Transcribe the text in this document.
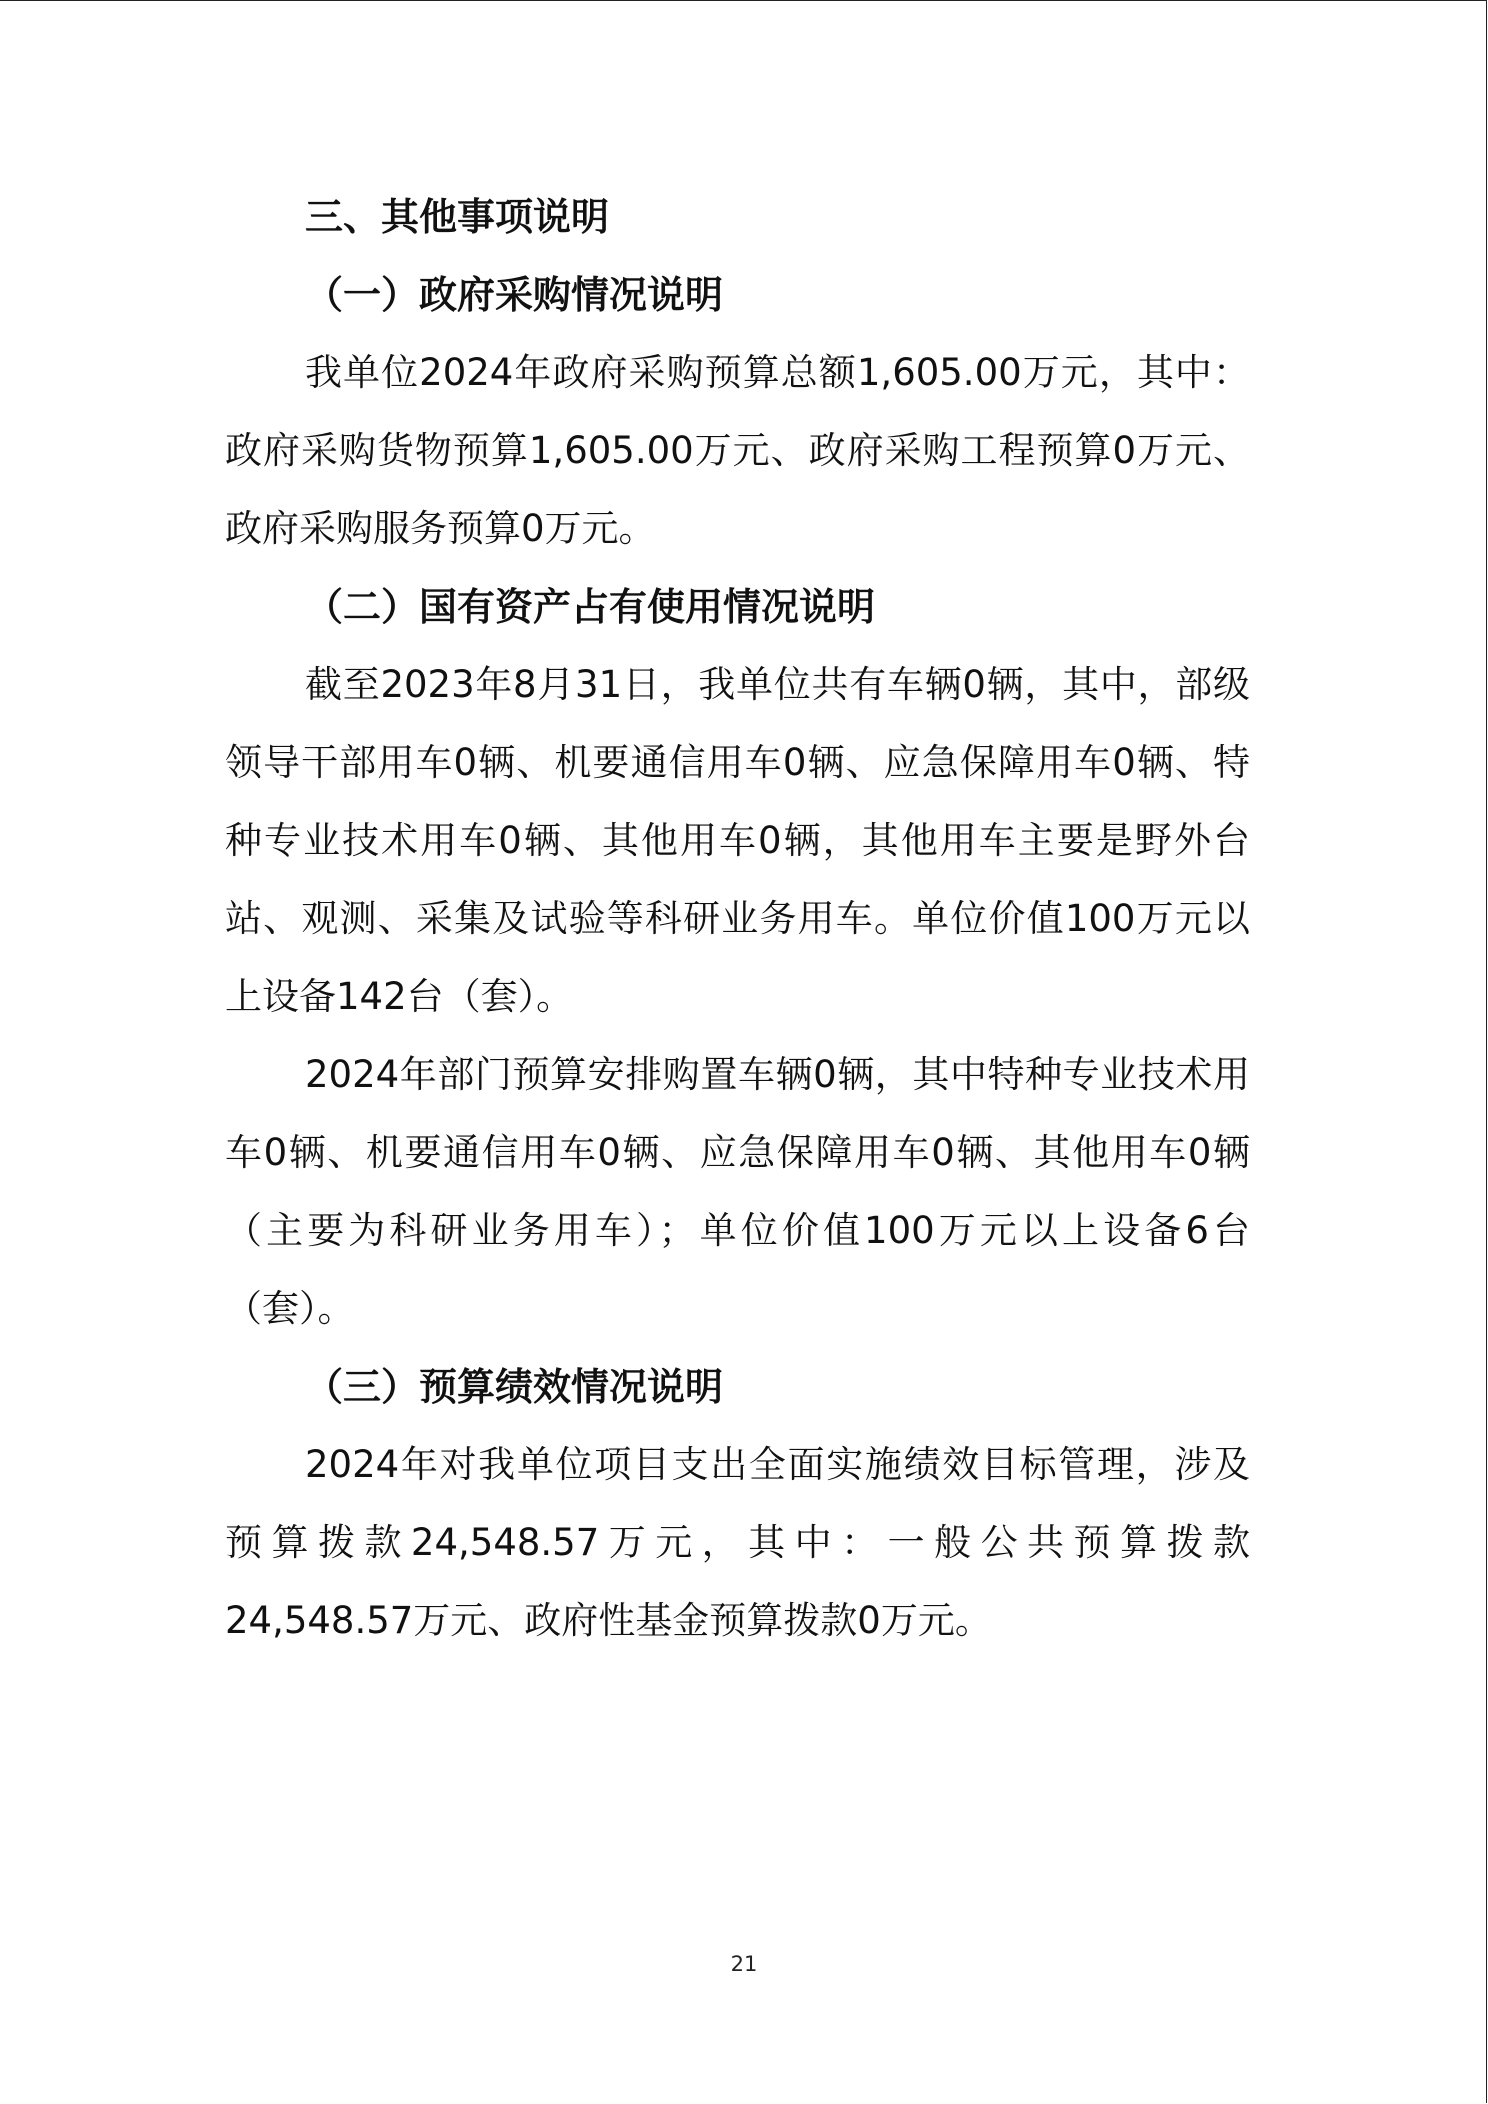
三、其他事项说明
（一）政府采购情况说明

我单位2024年政府采购预算总额1,605.00万元，其中：政府采购货物预算1,605.00万元、政府采购工程预算0万元、政府采购服务预算0万元。

（二）国有资产占有使用情况说明

截至2023年8月31日，我单位共有车辆0辆，其中，部级领导干部用车0辆、机要通信用车0辆、应急保障用车0辆、特种专业技术用车0辆、其他用车0辆，其他用车主要是野外台站、观测、采集及试验等科研业务用车。单位价值100万元以上设备142台（套）。

2024年部门预算安排购置车辆0辆，其中特种专业技术用车0辆、机要通信用车0辆、应急保障用车0辆、其他用车0辆（主要为科研业务用车）；单位价值100万元以上设备6台（套）。

（三）预算绩效情况说明

2024年对我单位项目支出全面实施绩效目标管理，涉及预算拨款24,548.57万元，其中：一般公共预算拨款24,548.57万元、政府性基金预算拨款0万元。

21
